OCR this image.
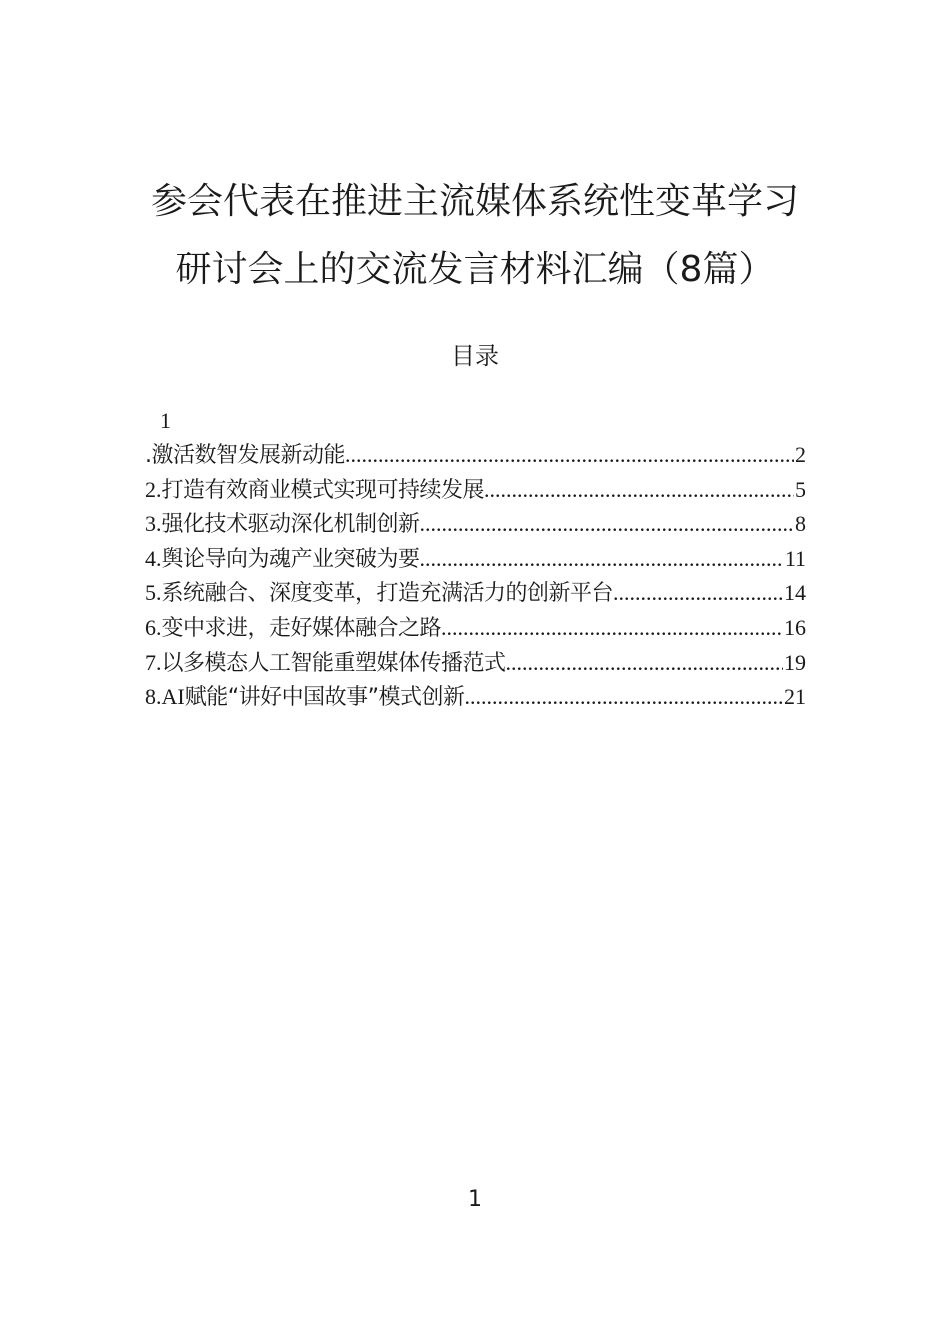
参会代表在推进主流媒体系统性变革学习
研讨会上的交流发言材料汇编（8篇）
目录
1
.激活数智发展新动能 .....	2
2. 打造有效商业模式实现可持续发展 .....	5
3. 强化技术驱动深化机制创新 .....	8
4. 舆论导向为魂产业突破为要 .....	11
5. 系统融合、深度变革，打造充满活力的创新平台 .....	14
6. 变中求进，走好媒体融合之路 .....	16
7. 以多模态人工智能重塑媒体传播范式 .....	19
8.AI 赋能“讲好中国故事”模式创新 .....	21
1
